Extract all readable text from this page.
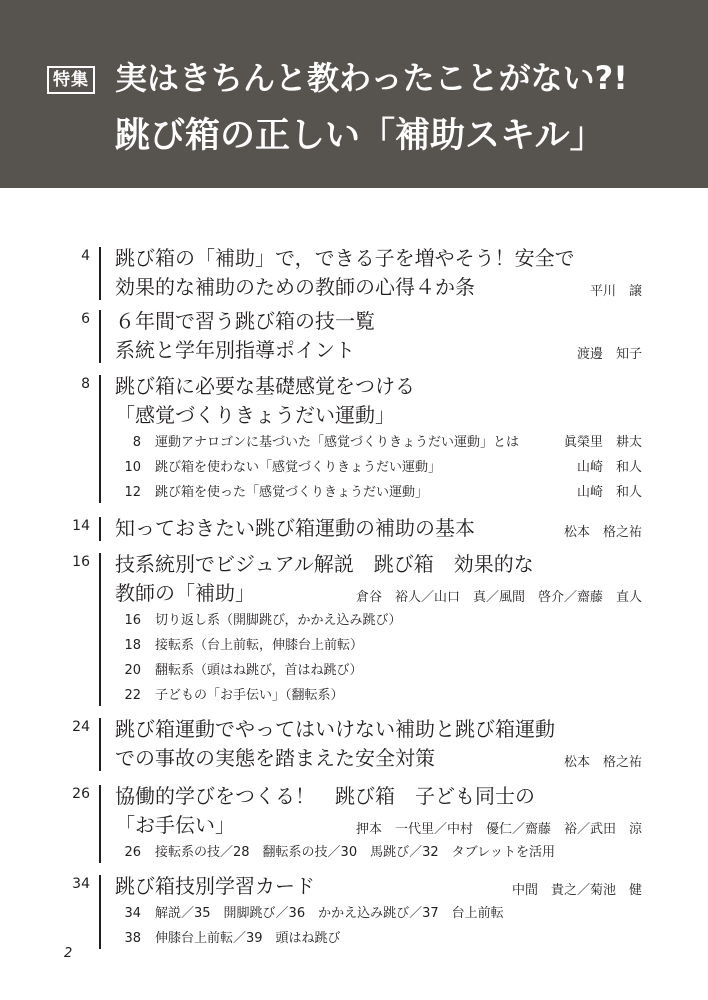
特集 実はきちんと教わったことがない?!
跳び箱の正しい「補助スキル」
4 跳び箱の「補助」で，できる子を増やそう！安全で
効果的な補助のための教師の心得４か条	平川　譲
6 ６年間で習う跳び箱の技一覧
系統と学年別指導ポイント	渡邊　知子
8 跳び箱に必要な基礎感覚をつける
「感覚づくりきょうだい運動」
8 運動アナロゴンに基づいた「感覚づくりきょうだい運動」とは	眞榮里　耕太
10 跳び箱を使わない「感覚づくりきょうだい運動」	山崎　和人
12 跳び箱を使った「感覚づくりきょうだい運動」	山崎　和人
14 知っておきたい跳び箱運動の補助の基本	松本　格之祐
16 技系統別でビジュアル解説　跳び箱　効果的な
教師の「補助」	倉谷　裕人／山口　真／風間　啓介／齋藤　直人
16 切り返し系（開脚跳び，かかえ込み跳び）
18 接転系（台上前転，伸膝台上前転）
20 翻転系（頭はね跳び，首はね跳び）
22 子どもの「お手伝い」（翻転系）
24 跳び箱運動でやってはいけない補助と跳び箱運動
での事故の実態を踏まえた安全対策	松本　格之祐
26 協働的学びをつくる！　跳び箱　子ども同士の
「お手伝い」	押本　一代里／中村　優仁／齋藤　裕／武田　涼
26 接転系の技／28　翻転系の技／30　馬跳び／32　タブレットを活用
34 跳び箱技別学習カード	中間　貴之／菊池　健
34 解説／35　開脚跳び／36　かかえ込み跳び／37　台上前転
38 伸膝台上前転／39　頭はね跳び
2
